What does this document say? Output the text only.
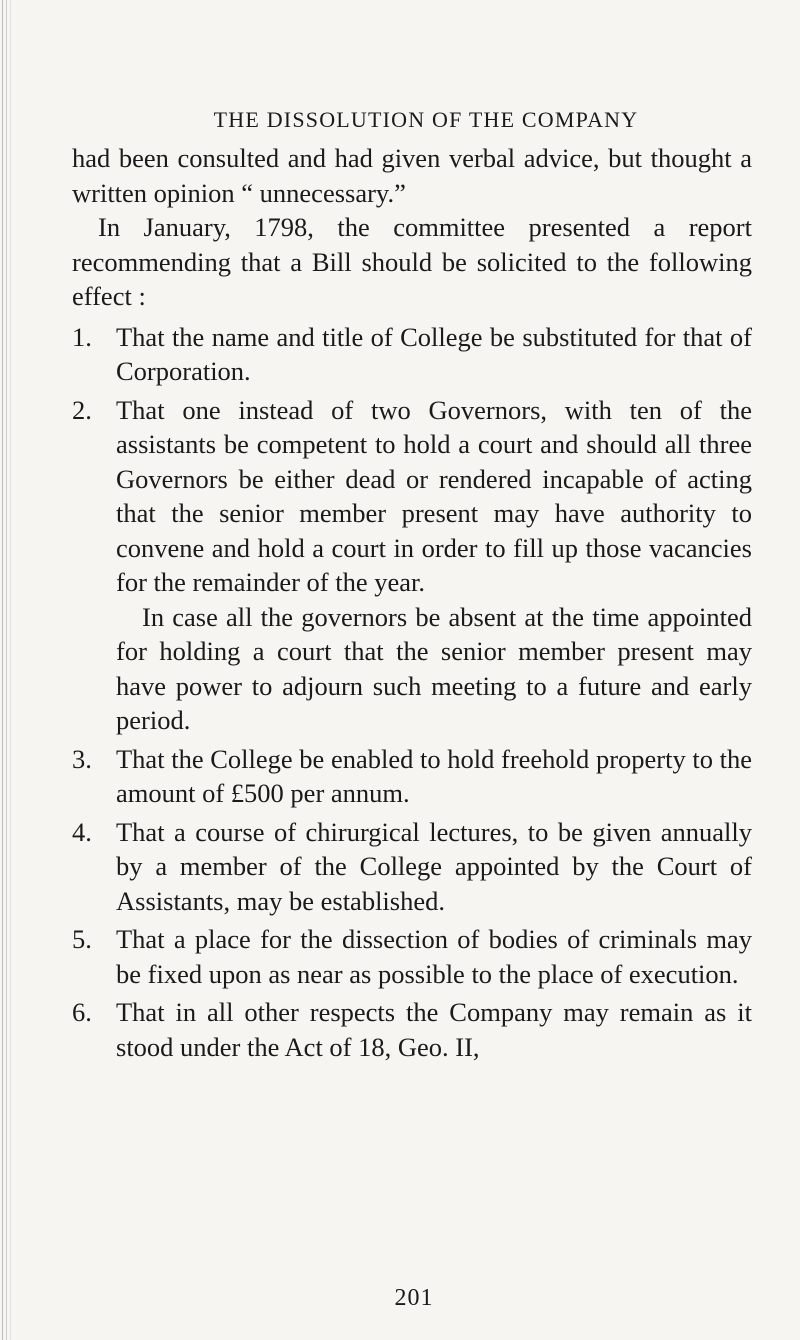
THE DISSOLUTION OF THE COMPANY

had been consulted and had given verbal advice, but thought a written opinion “ unnecessary.”

In January, 1798, the committee presented a report recommending that a Bill should be solicited to the following effect :

1. That the name and title of College be substituted for that of Corporation.
2. That one instead of two Governors, with ten of the assistants be competent to hold a court and should all three Governors be either dead or rendered incapable of acting that the senior member present may have authority to convene and hold a court in order to fill up those vacancies for the remainder of the year.

In case all the governors be absent at the time appointed for holding a court that the senior member present may have power to adjourn such meeting to a future and early period.

3. That the College be enabled to hold freehold property to the amount of £500 per annum.
4. That a course of chirurgical lectures, to be given annually by a member of the College appointed by the Court of Assistants, may be established.
5. That a place for the dissection of bodies of criminals may be fixed upon as near as possible to the place of execution.
6. That in all other respects the Company may remain as it stood under the Act of 18, Geo. II,
201
